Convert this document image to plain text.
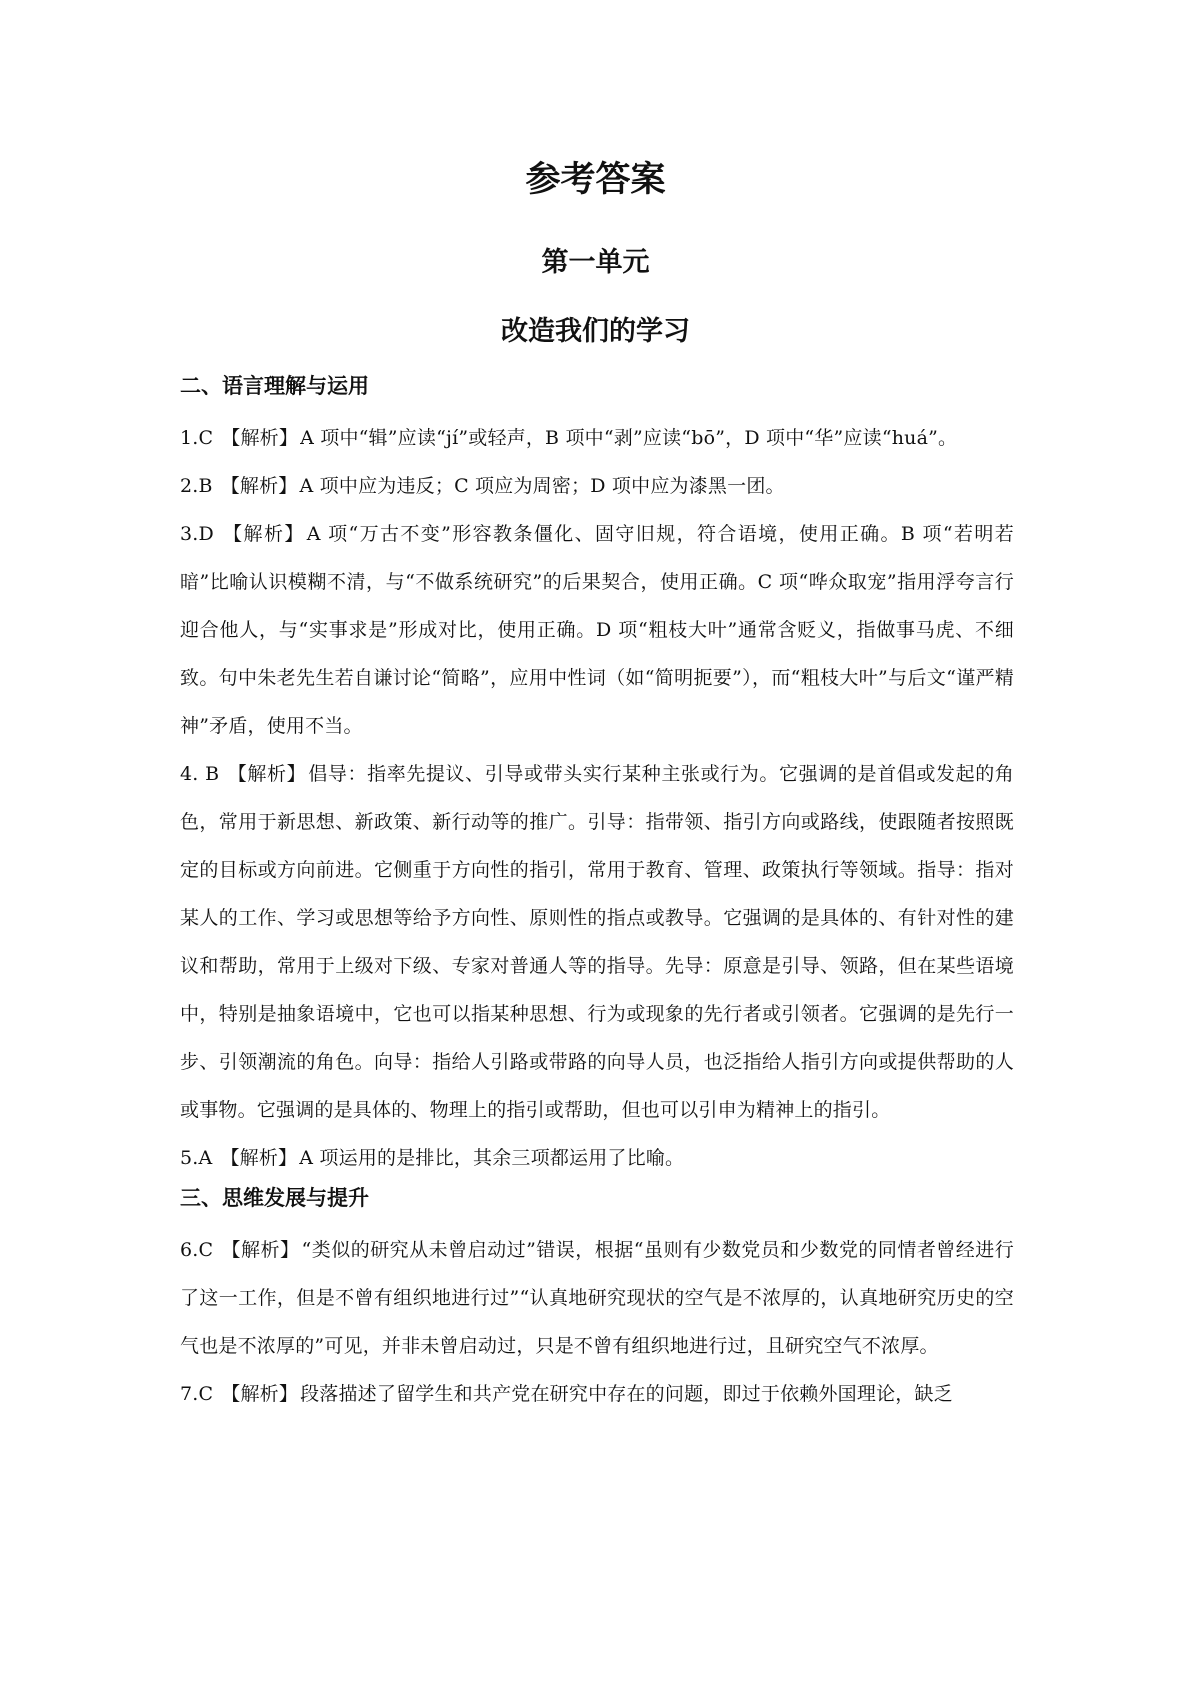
参考答案
第一单元
改造我们的学习

二、语言理解与运用

1.C 【解析】 A 项中“辑”应读“jí”或轻声，B 项中“剥”应读“bō”，D 项中“华”应读“huá”。

2.B 【解析】 A 项中应为违反；C 项应为周密；D 项中应为漆黑一团。

3.D 【解析】 A 项“万古不变”形容教条僵化、固守旧规，符合语境，使用正确。B 项“若明若暗”比喻认识模糊不清，与“不做系统研究”的后果契合，使用正确。C 项“哗众取宠”指用浮夸言行迎合他人，与“实事求是”形成对比，使用正确。D 项“粗枝大叶”通常含贬义，指做事马虎、不细致。句中朱老先生若自谦讨论“简略”，应用中性词（如“简明扼要”），而“粗枝大叶”与后文“谨严精神”矛盾，使用不当。

4. B 【解析】 倡导：指率先提议、引导或带头实行某种主张或行为。它强调的是首倡或发起的角色，常用于新思想、新政策、新行动等的推广。引导：指带领、指引方向或路线，使跟随者按照既定的目标或方向前进。它侧重于方向性的指引，常用于教育、管理、政策执行等领域。指导：指对某人的工作、学习或思想等给予方向性、原则性的指点或教导。它强调的是具体的、有针对性的建议和帮助，常用于上级对下级、专家对普通人等的指导。先导：原意是引导、领路，但在某些语境中，特别是抽象语境中，它也可以指某种思想、行为或现象的先行者或引领者。它强调的是先行一步、引领潮流的角色。向导：指给人引路或带路的向导人员，也泛指给人指引方向或提供帮助的人或事物。它强调的是具体的、物理上的指引或帮助，但也可以引申为精神上的指引。

5.A 【解析】 A 项运用的是排比，其余三项都运用了比喻。

三、思维发展与提升

6.C 【解析】 “类似的研究从未曾启动过”错误，根据“虽则有少数党员和少数党的同情者曾经进行了这一工作，但是不曾有组织地进行过”“认真地研究现状的空气是不浓厚的，认真地研究历史的空气也是不浓厚的”可见，并非未曾启动过，只是不曾有组织地进行过，且研究空气不浓厚。

7.C 【解析】 段落描述了留学生和共产党在研究中存在的问题，即过于依赖外国理论，缺乏
